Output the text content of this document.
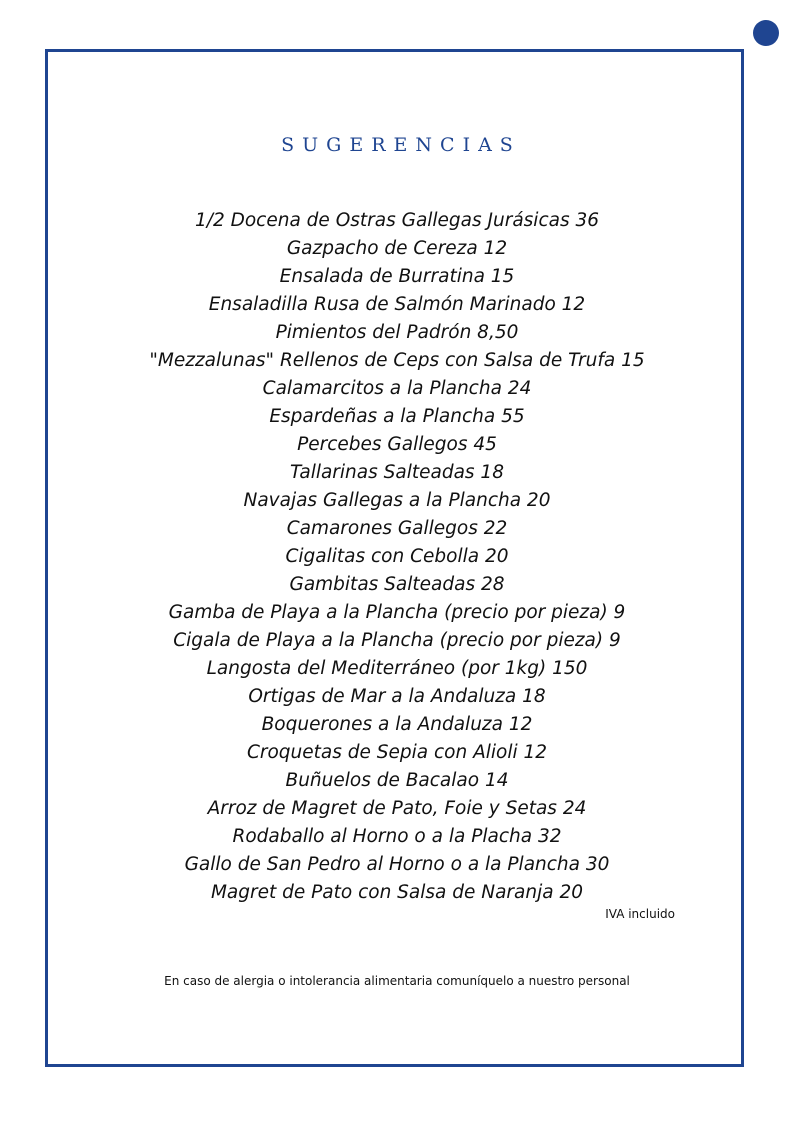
SUGERENCIAS
1/2 Docena de Ostras Gallegas Jurásicas 36
Gazpacho de Cereza 12
Ensalada de Burratina 15
Ensaladilla Rusa de Salmón Marinado 12
Pimientos del Padrón 8,50
"Mezzalunas" Rellenos de Ceps con Salsa de Trufa 15
Calamarcitos a la Plancha 24
Espardeñas a la Plancha 55
Percebes Gallegos 45
Tallarinas Salteadas 18
Navajas Gallegas a la Plancha 20
Camarones Gallegos 22
Cigalitas con Cebolla 20
Gambitas Salteadas 28
Gamba de Playa a la Plancha (precio por pieza) 9
Cigala de Playa a la Plancha (precio por pieza) 9
Langosta del Mediterráneo (por 1kg) 150
Ortigas de Mar a la Andaluza 18
Boquerones a la Andaluza 12
Croquetas de Sepia con Alioli 12
Buñuelos de Bacalao 14
Arroz de Magret de Pato, Foie y Setas 24
Rodaballo al Horno o a la Placha 32
Gallo de San Pedro al Horno o a la Plancha 30
Magret de Pato con Salsa de Naranja 20
IVA incluido
En caso de alergia o intolerancia alimentaria comuníquelo a nuestro personal
